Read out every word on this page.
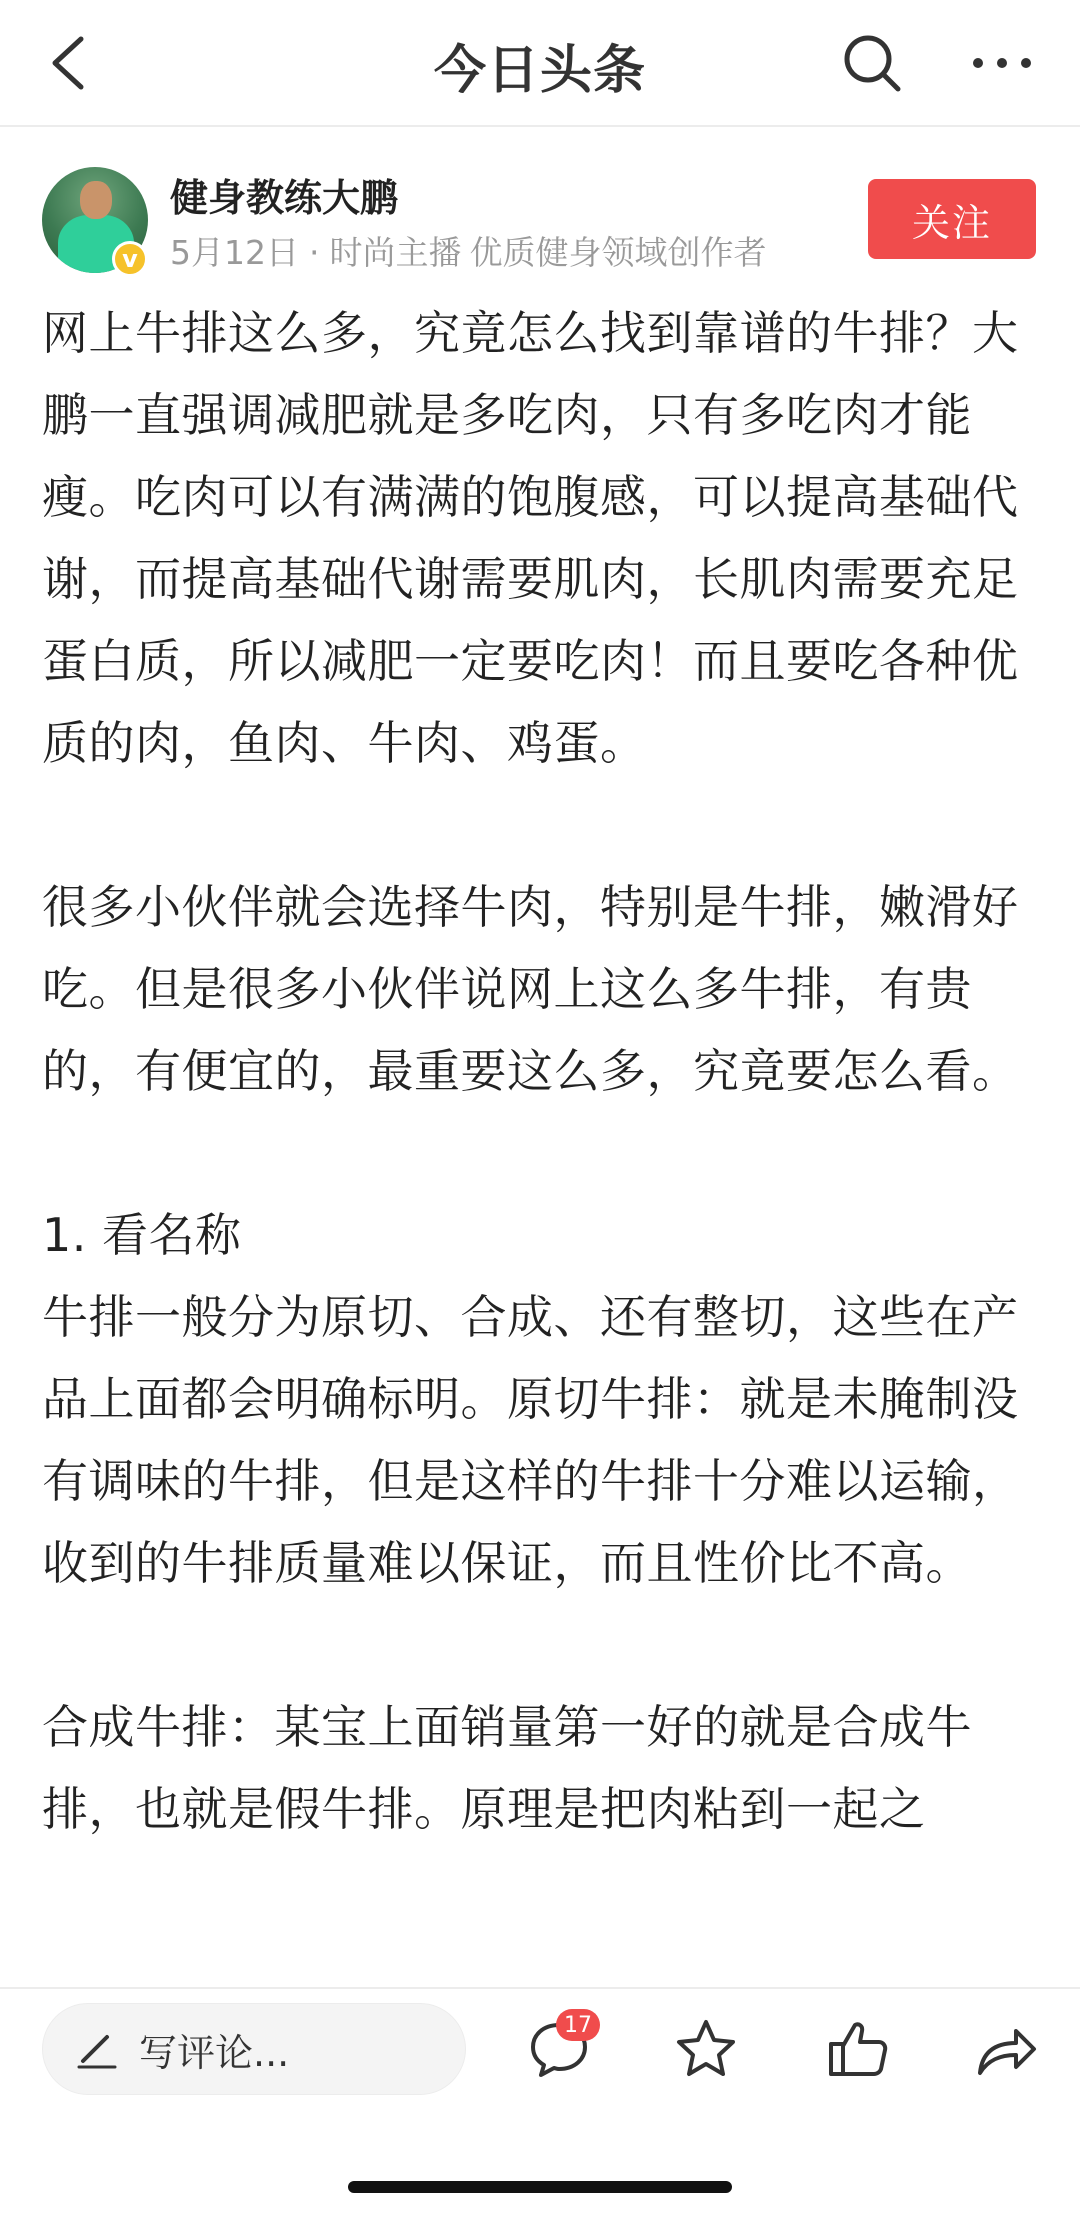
今日头条
v
健身教练大鹏
5月12日 · 时尚主播 优质健身领域创作者
关注

网上牛排这么多，究竟怎么找到靠谱的牛排？大鹏一直强调减肥就是多吃肉，只有多吃肉才能瘦。吃肉可以有满满的饱腹感，可以提高基础代谢，而提高基础代谢需要肌肉，长肌肉需要充足蛋白质，所以减肥一定要吃肉！而且要吃各种优质的肉，鱼肉、牛肉、鸡蛋。

很多小伙伴就会选择牛肉，特别是牛排，嫩滑好吃。但是很多小伙伴说网上这么多牛排，有贵的，有便宜的，最重要这么多，究竟要怎么看。

1. 看名称

牛排一般分为原切、合成、还有整切，这些在产品上面都会明确标明。原切牛排：就是未腌制没有调味的牛排，但是这样的牛排十分难以运输，收到的牛排质量难以保证，而且性价比不高。

合成牛排：某宝上面销量第一好的就是合成牛排，也就是假牛排。原理是把肉粘到一起之

写评论...
17
